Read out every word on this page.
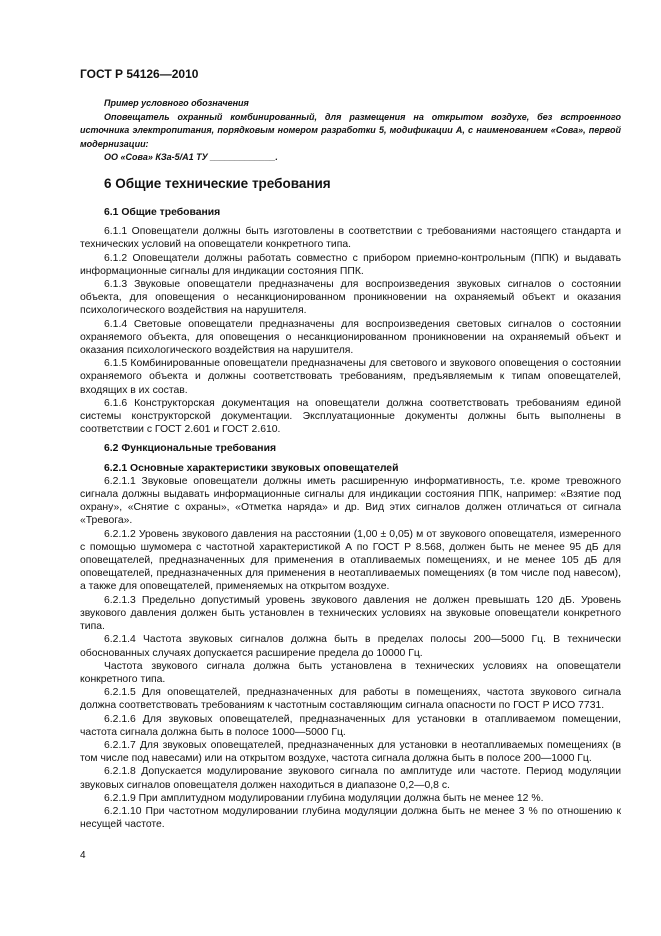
ГОСТ Р 54126—2010

Пример условного обозначения

Оповещатель охранный комбинированный, для размещения на открытом воздухе, без встроенного источника электропитания, порядковым номером разработки 5, модификации А, с наименованием «Сова», первой модернизации:

ОО «Сова» КЗа-5/А1 ТУ _____________.

6 Общие технические требования

6.1 Общие требования

6.1.1 Оповещатели должны быть изготовлены в соответствии с требованиями настоящего стандарта и технических условий на оповещатели конкретного типа.

6.1.2 Оповещатели должны работать совместно с прибором приемно-контрольным (ППК) и выдавать информационные сигналы для индикации состояния ППК.

6.1.3 Звуковые оповещатели предназначены для воспроизведения звуковых сигналов о состоянии объекта, для оповещения о несанкционированном проникновении на охраняемый объект и оказания психологического воздействия на нарушителя.

6.1.4 Световые оповещатели предназначены для воспроизведения световых сигналов о состоянии охраняемого объекта, для оповещения о несанкционированном проникновении на охраняемый объект и оказания психологического воздействия на нарушителя.

6.1.5 Комбинированные оповещатели предназначены для светового и звукового оповещения о состоянии охраняемого объекта и должны соответствовать требованиям, предъявляемым к типам оповещателей, входящих в их состав.

6.1.6 Конструкторская документация на оповещатели должна соответствовать требованиям единой системы конструкторской документации. Эксплуатационные документы должны быть выполнены в соответствии с ГОСТ 2.601 и ГОСТ 2.610.

6.2 Функциональные требования

6.2.1 Основные характеристики звуковых оповещателей

6.2.1.1 Звуковые оповещатели должны иметь расширенную информативность, т.е. кроме тревожного сигнала должны выдавать информационные сигналы для индикации состояния ППК, например: «Взятие под охрану», «Снятие с охраны», «Отметка наряда» и др. Вид этих сигналов должен отличаться от сигнала «Тревога».

6.2.1.2 Уровень звукового давления на расстоянии (1,00 ± 0,05) м от звукового оповещателя, измеренного с помощью шумомера с частотной характеристикой А по ГОСТ Р 8.568, должен быть не менее 95 дБ для оповещателей, предназначенных для применения в отапливаемых помещениях, и не менее 105 дБ для оповещателей, предназначенных для применения в неотапливаемых помещениях (в том числе под навесом), а также для оповещателей, применяемых на открытом воздухе.

6.2.1.3 Предельно допустимый уровень звукового давления не должен превышать 120 дБ. Уровень звукового давления должен быть установлен в технических условиях на звуковые оповещатели конкретного типа.

6.2.1.4 Частота звуковых сигналов должна быть в пределах полосы 200—5000 Гц. В технически обоснованных случаях допускается расширение предела до 10000 Гц.

Частота звукового сигнала должна быть установлена в технических условиях на оповещатели конкретного типа.

6.2.1.5 Для оповещателей, предназначенных для работы в помещениях, частота звукового сигнала должна соответствовать требованиям к частотным составляющим сигнала опасности по ГОСТ Р ИСО 7731.

6.2.1.6 Для звуковых оповещателей, предназначенных для установки в отапливаемом помещении, частота сигнала должна быть в полосе 1000—5000 Гц.

6.2.1.7 Для звуковых оповещателей, предназначенных для установки в неотапливаемых помещениях (в том числе под навесами) или на открытом воздухе, частота сигнала должна быть в полосе 200—1000 Гц.

6.2.1.8 Допускается модулирование звукового сигнала по амплитуде или частоте. Период модуляции звуковых сигналов оповещателя должен находиться в диапазоне 0,2—0,8 с.

6.2.1.9 При амплитудном модулировании глубина модуляции должна быть не менее 12 %.

6.2.1.10 При частотном модулировании глубина модуляции должна быть не менее 3 % по отношению к несущей частоте.

4
